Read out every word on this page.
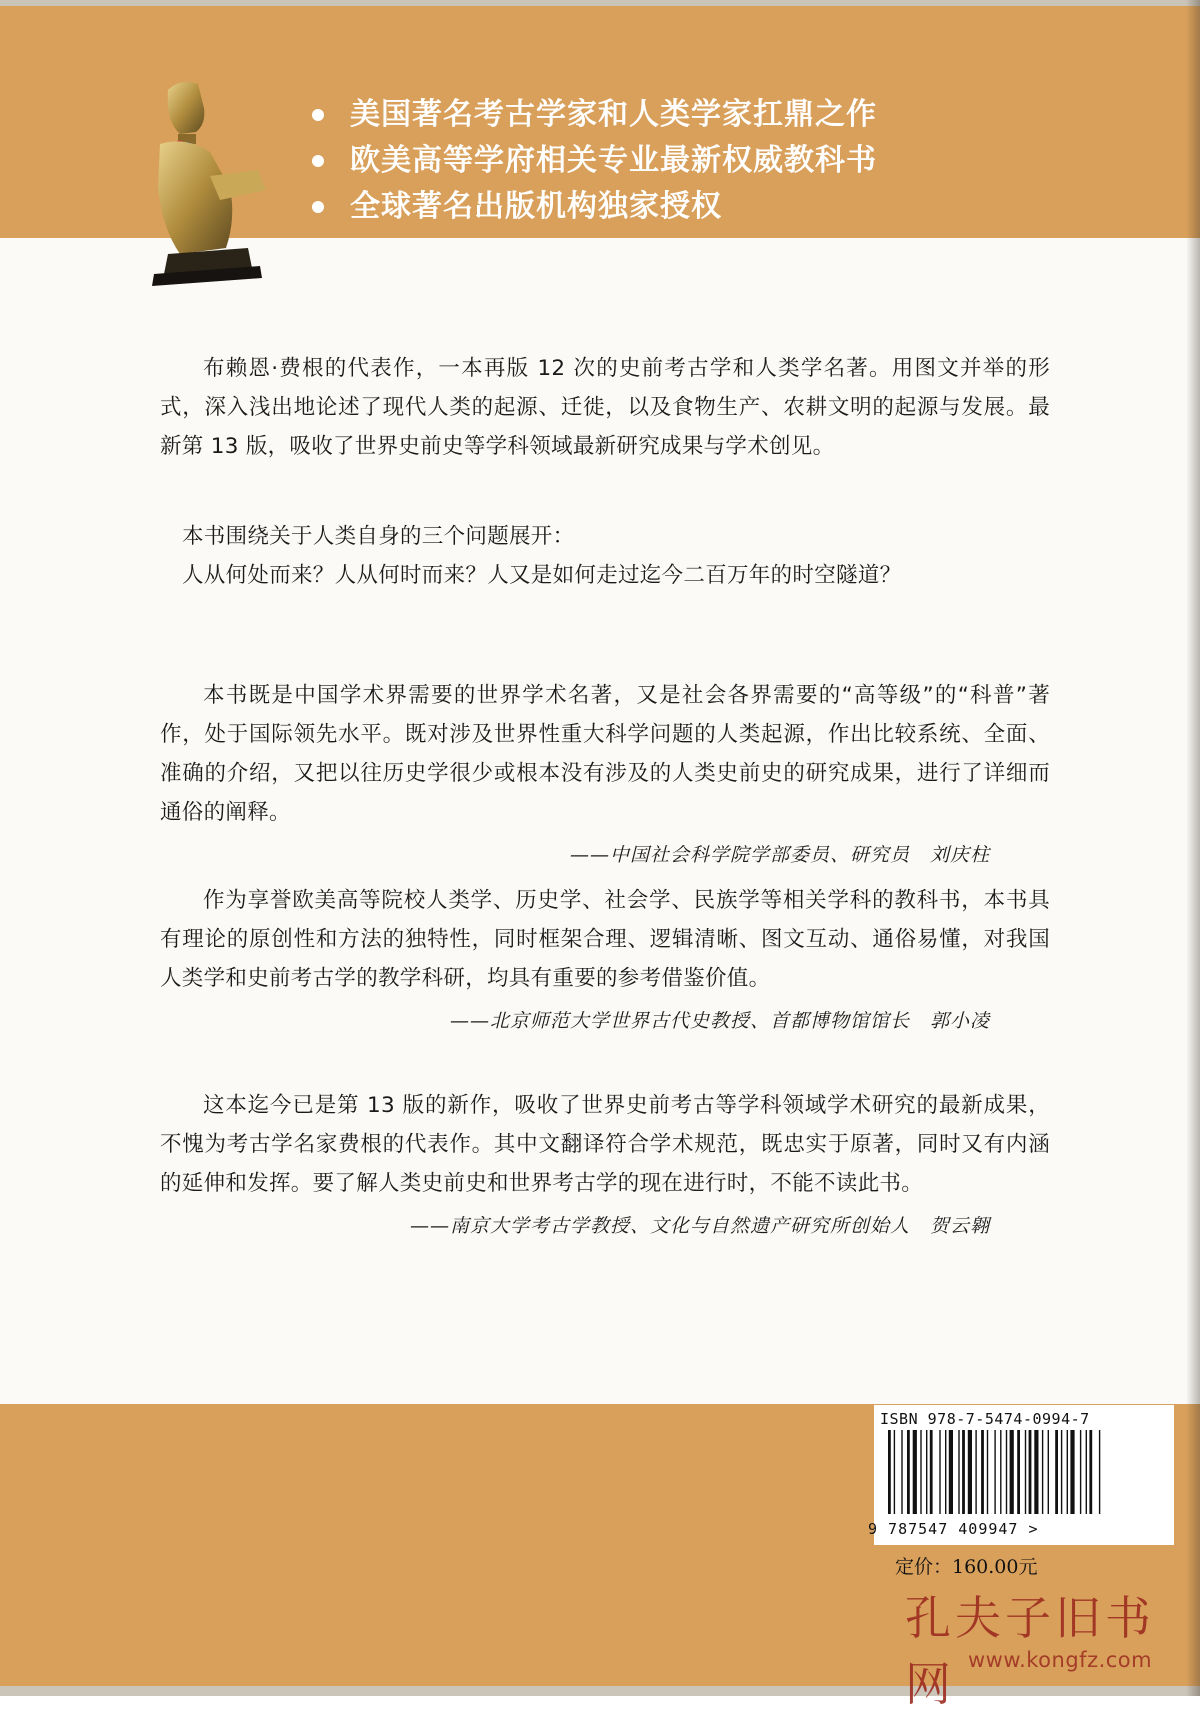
美国著名考古学家和人类学家扛鼎之作
欧美高等学府相关专业最新权威教科书
全球著名出版机构独家授权

布赖恩·费根的代表作，一本再版 12 次的史前考古学和人类学名著。用图文并举的形式，深入浅出地论述了现代人类的起源、迁徙，以及食物生产、农耕文明的起源与发展。最新第 13 版，吸收了世界史前史等学科领域最新研究成果与学术创见。

本书围绕关于人类自身的三个问题展开：

人从何处而来？人从何时而来？人又是如何走过迄今二百万年的时空隧道？

本书既是中国学术界需要的世界学术名著，又是社会各界需要的“高等级”的“科普”著作，处于国际领先水平。既对涉及世界性重大科学问题的人类起源，作出比较系统、全面、准确的介绍，又把以往历史学很少或根本没有涉及的人类史前史的研究成果，进行了详细而通俗的阐释。

——中国社会科学院学部委员、研究员　刘庆柱

作为享誉欧美高等院校人类学、历史学、社会学、民族学等相关学科的教科书，本书具有理论的原创性和方法的独特性，同时框架合理、逻辑清晰、图文互动、通俗易懂，对我国人类学和史前考古学的教学科研，均具有重要的参考借鉴价值。

——北京师范大学世界古代史教授、首都博物馆馆长　郭小凌

这本迄今已是第 13 版的新作，吸收了世界史前考古等学科领域学术研究的最新成果，不愧为考古学名家费根的代表作。其中文翻译符合学术规范，既忠实于原著，同时又有内涵的延伸和发挥。要了解人类史前史和世界考古学的现在进行时，不能不读此书。

——南京大学考古学教授、文化与自然遗产研究所创始人　贺云翱

ISBN 978-7-5474-0994-7
9 787547 409947 >
定价：160.00元
孔夫子旧书网 www.kongfz.com
